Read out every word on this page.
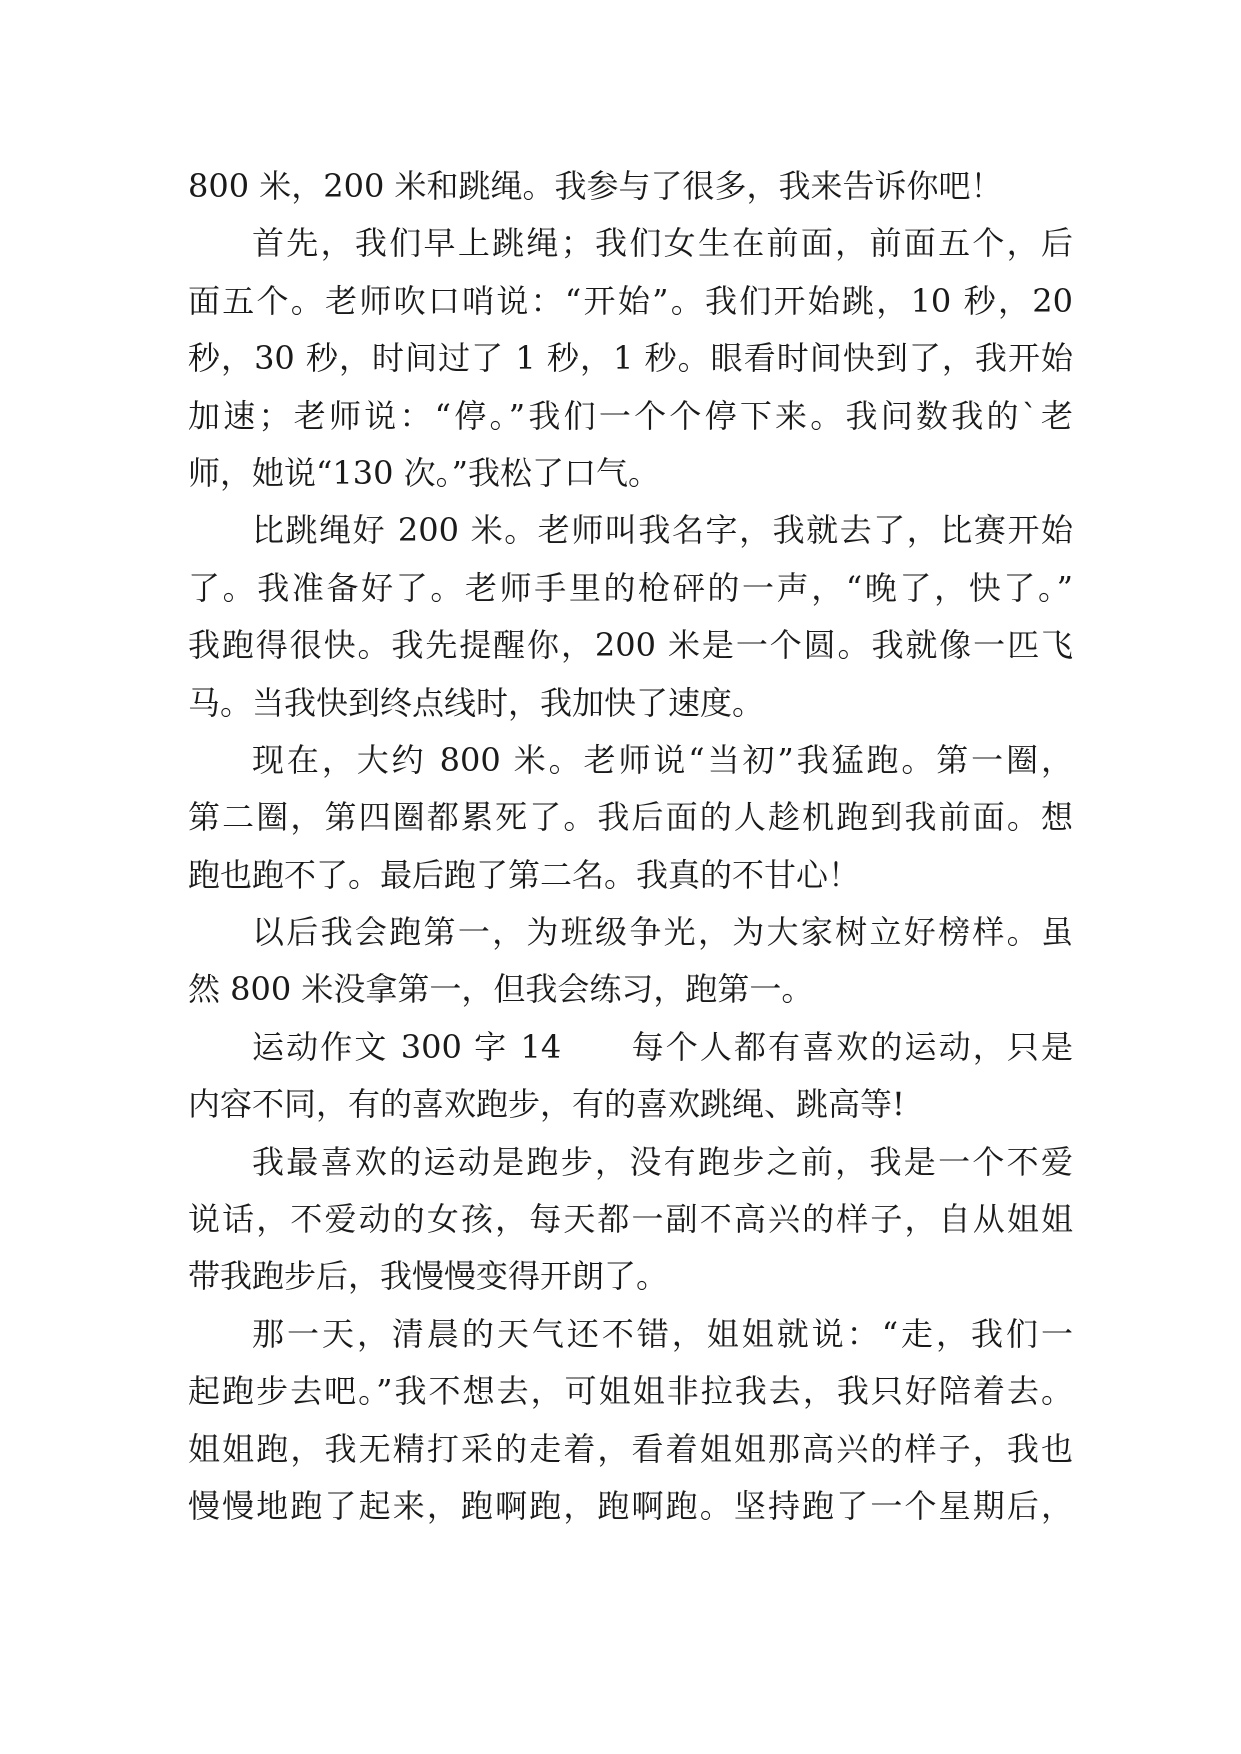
800 米，200 米和跳绳。我参与了很多，我来告诉你吧！
首先，我们早上跳绳；我们女生在前面，前面五个，后
面五个。老师吹口哨说：“开始”。我们开始跳，10 秒，20
秒，30 秒，时间过了 1 秒，1 秒。眼看时间快到了，我开始
加速；老师说：“停。”我们一个个停下来。我问数我的`老
师，她说“130 次。”我松了口气。
比跳绳好 200 米。老师叫我名字，我就去了，比赛开始
了。我准备好了。老师手里的枪砰的一声，“晚了，快了。”
我跑得很快。我先提醒你，200 米是一个圆。我就像一匹飞
马。当我快到终点线时，我加快了速度。
现在，大约 800 米。老师说“当初”我猛跑。第一圈，
第二圈，第四圈都累死了。我后面的人趁机跑到我前面。想
跑也跑不了。最后跑了第二名。我真的不甘心！
以后我会跑第一，为班级争光，为大家树立好榜样。虽
然 800 米没拿第一，但我会练习，跑第一。
运动作文 300 字 14　　每个人都有喜欢的运动，只是
内容不同，有的喜欢跑步，有的喜欢跳绳、跳高等!
我最喜欢的运动是跑步，没有跑步之前，我是一个不爱
说话，不爱动的女孩，每天都一副不高兴的样子，自从姐姐
带我跑步后，我慢慢变得开朗了。
那一天，清晨的天气还不错，姐姐就说：“走，我们一
起跑步去吧。”我不想去，可姐姐非拉我去，我只好陪着去。
姐姐跑，我无精打采的走着，看着姐姐那高兴的样子，我也
慢慢地跑了起来，跑啊跑，跑啊跑。坚持跑了一个星期后，
